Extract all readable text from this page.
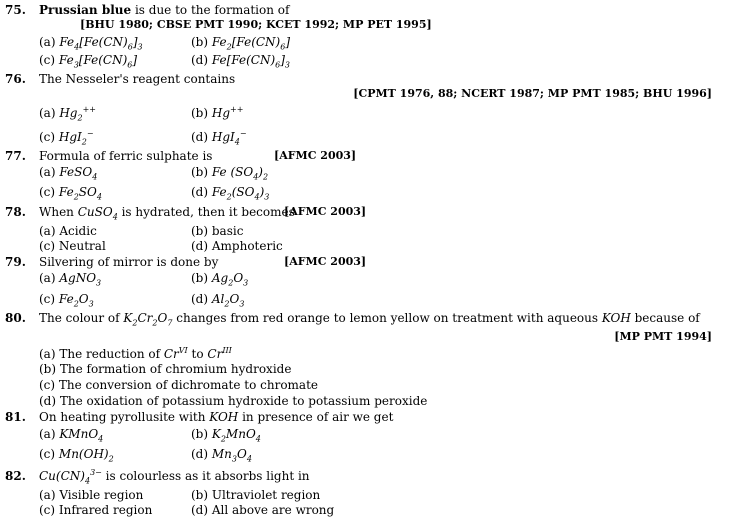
75. Prussian blue is due to the formation of
[BHU 1980; CBSE PMT 1990; KCET 1992; MP PET 1995]
(a) $Fe_4[Fe(CN)_6]_3$	(b) $Fe_2[Fe(CN)_6]$
(c) $Fe_3[Fe(CN)_6]$	(d) $Fe[Fe(CN)_6]_3$
76. The Nesseler's reagent contains
[CPMT 1976, 88; NCERT 1987; MP PMT 1985; BHU 1996]
(a) $Hg_2^{++}$	(b) Hg++
(c) HgI$_2$−	(d) HgI$_4$−
77. Formula of ferric sulphate is	[AFMC 2003]
(a) FeSO$_4$	(b) Fe $(SO_4)_2$
(c) $Fe_2SO_4$	(d) $Fe_2(SO_4)_3$
78. When CuSO$_4$ is hydrated, then it becomes
[AFMC 2003]
(a) Acidic	(b) basic
(c) Neutral	(d) Amphoteric
79. Silvering of mirror is done by	[AFMC 2003]
(a) AgNO$_3$	(b) $Ag_2O_3$
(c) $Fe_2O_3$	(d) $Al_2O_3$
80. The colour of $K_2Cr_2O_7$ changes from red orange to lemon yellow on treatment with aqueous KOH because of
[MP PMT 1994]
(a) The reduction of $Cr^{VI}$ to $Cr^{III}$
(b) The formation of chromium hydroxide
(c) The conversion of dichromate to chromate
(d) The oxidation of potassium hydroxide to potassium peroxide
81. On heating pyrollusite with KOH in presence of air we get
(a) KMnO$_4$	(b) $K_2MnO_4$
(c) $Mn(OH)_2$	(d) $Mn_3O_4$
82. $Cu(CN)_4^{3-}$ is colourless as it absorbs light in
(a) Visible region	(b) Ultraviolet region
(c) Infrared region	(d) All above are wrong
